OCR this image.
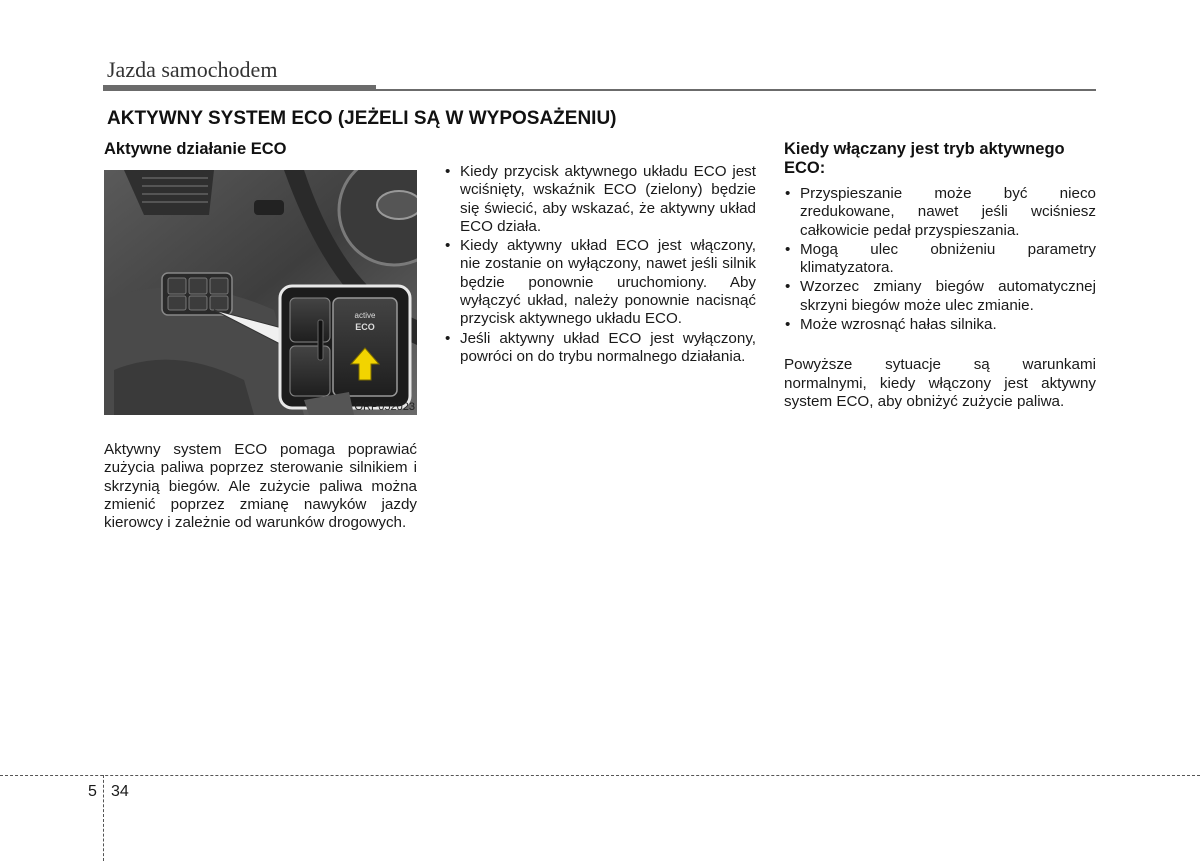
Jazda samochodem
AKTYWNY SYSTEM ECO (JEŻELI SĄ W WYPOSAŻENIU)
Aktywne działanie ECO
active
ECO
ORP052023

Aktywny system ECO pomaga poprawiać zużycia paliwa poprzez sterowanie silnikiem i skrzynią biegów. Ale zużycie paliwa można zmienić poprzez zmianę nawyków jazdy kierowcy i zależnie od warunków drogowych.

• Kiedy przycisk aktywnego układu ECO jest wciśnięty, wskaźnik ECO (zielony) będzie się świecić, aby wskazać, że aktywny układ ECO działa.
• Kiedy aktywny układ ECO jest włączony, nie zostanie on wyłączony, nawet jeśli silnik będzie ponownie uruchomiony. Aby wyłączyć układ, należy ponownie nacisnąć przycisk aktywnego układu ECO.
• Jeśli aktywny układ ECO jest wyłączony, powróci on do trybu normalnego działania.
Kiedy włączany jest tryb aktywnego ECO:
• Przyspieszanie może być nieco zredukowane, nawet jeśli wciśniesz całkowicie pedał przyspieszania.
• Mogą ulec obniżeniu parametry klimatyzatora.
• Wzorzec zmiany biegów automatycznej skrzyni biegów może ulec zmianie.
• Może wzrosnąć hałas silnika.

Powyższe sytuacje są warunkami normalnymi, kiedy włączony jest aktywny system ECO, aby obniżyć zużycie paliwa.

5 34
